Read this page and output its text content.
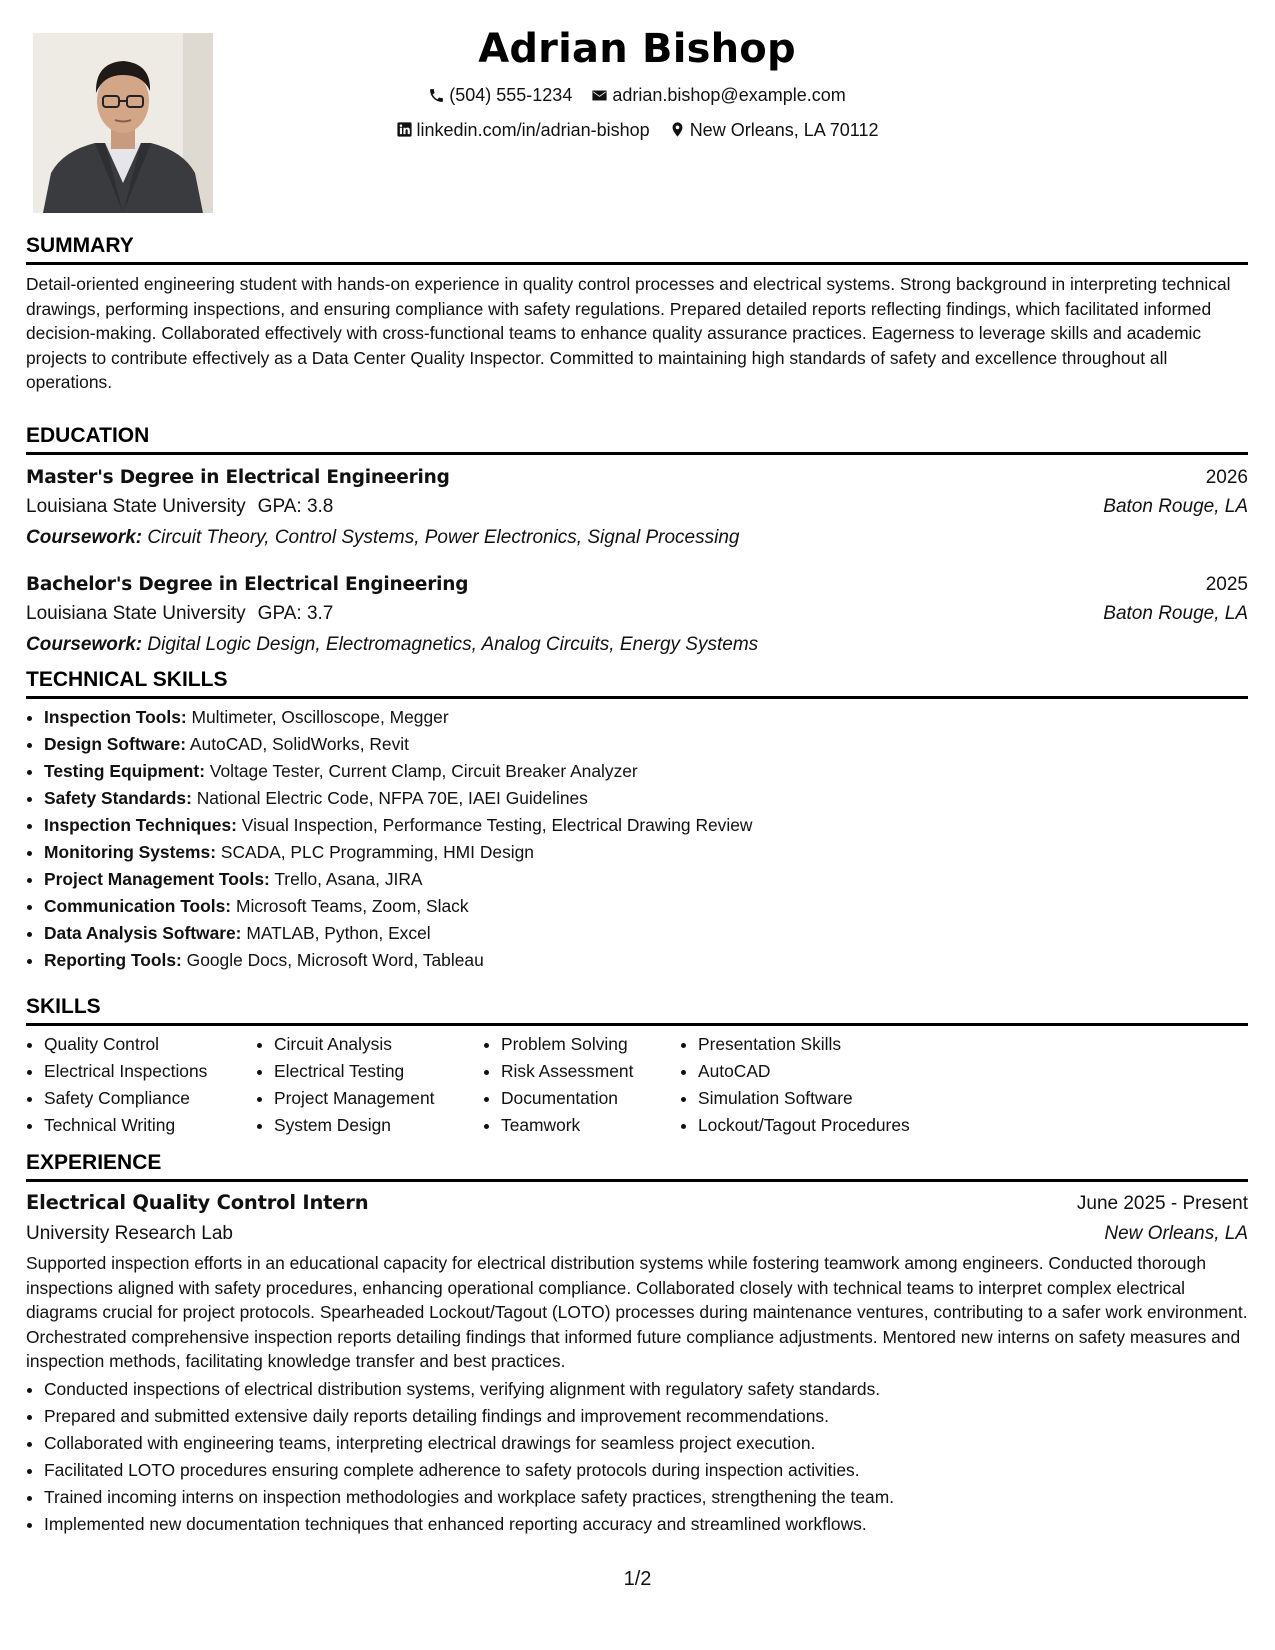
Adrian Bishop
(504) 555-1234
adrian.bishop@example.com
linkedin.com/in/adrian-bishop
New Orleans, LA 70112
SUMMARY

Detail-oriented engineering student with hands-on experience in quality control processes and electrical systems. Strong background in interpreting technical drawings, performing inspections, and ensuring compliance with safety regulations. Prepared detailed reports reflecting findings, which facilitated informed decision-making. Collaborated effectively with cross-functional teams to enhance quality assurance practices. Eagerness to leverage skills and academic projects to contribute effectively as a Data Center Quality Inspector. Committed to maintaining high standards of safety and excellence throughout all operations.

EDUCATION
Master's Degree in Electrical Engineering	2026
Louisiana State University GPA: 3.8	Baton Rouge, LA
Coursework: Circuit Theory, Control Systems, Power Electronics, Signal Processing
Bachelor's Degree in Electrical Engineering	2025
Louisiana State University GPA: 3.7	Baton Rouge, LA
Coursework: Digital Logic Design, Electromagnetics, Analog Circuits, Energy Systems
TECHNICAL SKILLS
• Inspection Tools: Multimeter, Oscilloscope, Megger
• Design Software: AutoCAD, SolidWorks, Revit
• Testing Equipment: Voltage Tester, Current Clamp, Circuit Breaker Analyzer
• Safety Standards: National Electric Code, NFPA 70E, IAEI Guidelines
• Inspection Techniques: Visual Inspection, Performance Testing, Electrical Drawing Review
• Monitoring Systems: SCADA, PLC Programming, HMI Design
• Project Management Tools: Trello, Asana, JIRA
• Communication Tools: Microsoft Teams, Zoom, Slack
• Data Analysis Software: MATLAB, Python, Excel
• Reporting Tools: Google Docs, Microsoft Word, Tableau
SKILLS
• Quality Control
• Electrical Inspections
• Safety Compliance
• Technical Writing
• Circuit Analysis
• Electrical Testing
• Project Management
• System Design
• Problem Solving
• Risk Assessment
• Documentation
• Teamwork
• Presentation Skills
• AutoCAD
• Simulation Software
• Lockout/Tagout Procedures
EXPERIENCE
Electrical Quality Control Intern	June 2025 - Present
University Research Lab	New Orleans, LA

Supported inspection efforts in an educational capacity for electrical distribution systems while fostering teamwork among engineers. Conducted thorough inspections aligned with safety procedures, enhancing operational compliance. Collaborated closely with technical teams to interpret complex electrical diagrams crucial for project protocols. Spearheaded Lockout/Tagout (LOTO) processes during maintenance ventures, contributing to a safer work environment. Orchestrated comprehensive inspection reports detailing findings that informed future compliance adjustments. Mentored new interns on safety measures and inspection methods, facilitating knowledge transfer and best practices.

• Conducted inspections of electrical distribution systems, verifying alignment with regulatory safety standards.
• Prepared and submitted extensive daily reports detailing findings and improvement recommendations.
• Collaborated with engineering teams, interpreting electrical drawings for seamless project execution.
• Facilitated LOTO procedures ensuring complete adherence to safety protocols during inspection activities.
• Trained incoming interns on inspection methodologies and workplace safety practices, strengthening the team.
• Implemented new documentation techniques that enhanced reporting accuracy and streamlined workflows.
1/2
